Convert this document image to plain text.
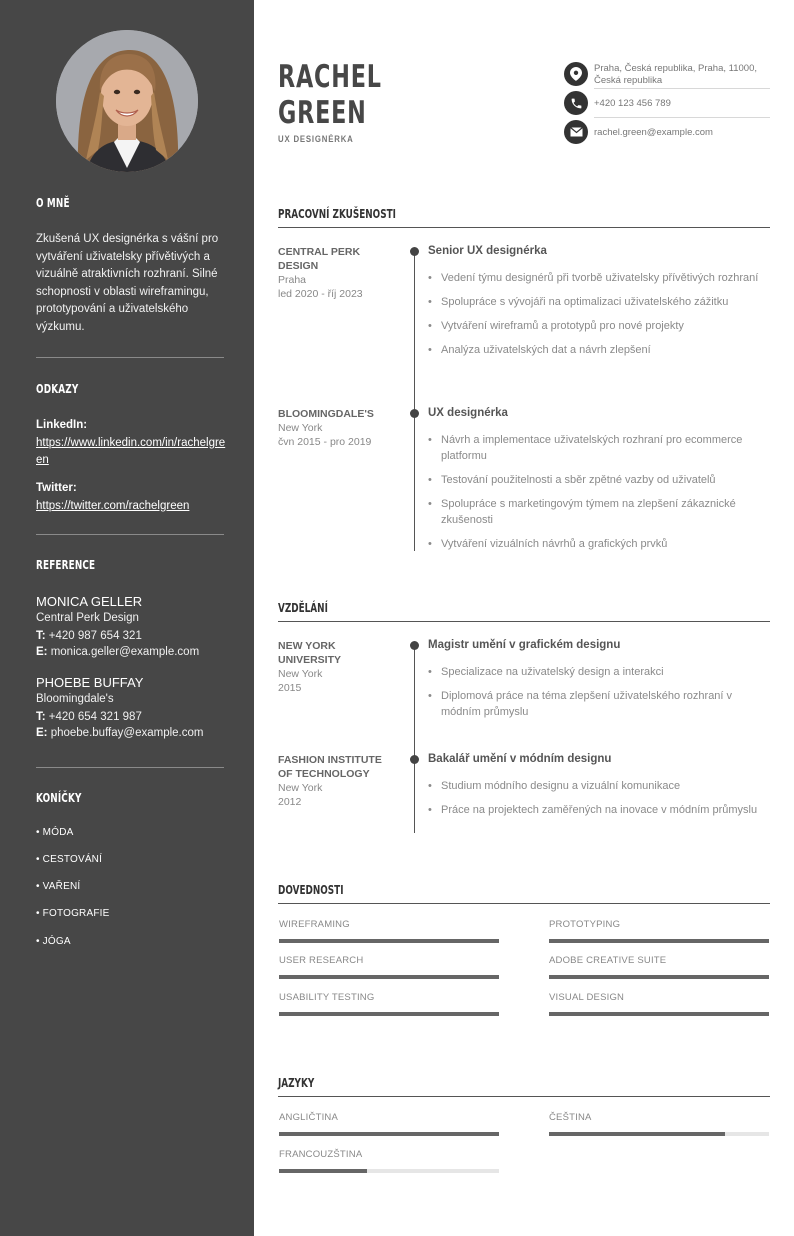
O MNĚ
Zkušená UX designérka s vášní pro vytváření uživatelsky přívětivých a vizuálně atraktivních rozhraní. Silné schopnosti v oblasti wireframingu, prototypování a uživatelského výzkumu.
ODKAZY
LinkedIn:
https://www.linkedin.com/in/rachelgreen
Twitter:
https://twitter.com/rachelgreen
REFERENCE
MONICA GELLER
Central Perk Design
T: +420 987 654 321
E: monica.geller@example.com
PHOEBE BUFFAY
Bloomingdale's
T: +420 654 321 987
E: phoebe.buffay@example.com
KONÍČKY
• MÓDA
• CESTOVÁNÍ
• VAŘENÍ
• FOTOGRAFIE
• JÓGA
RACHEL
GREEN
UX DESIGNÉRKA
Praha, Česká republika, Praha, 11000, Česká republika
+420 123 456 789
rachel.green@example.com
PRACOVNÍ ZKUŠENOSTI
CENTRAL PERK DESIGN
Praha
led 2020 - říj 2023
Senior UX designérka
• Vedení týmu designérů při tvorbě uživatelsky přívětivých rozhraní
• Spolupráce s vývojáři na optimalizaci uživatelského zážitku
• Vytváření wireframů a prototypů pro nové projekty
• Analýza uživatelských dat a návrh zlepšení
BLOOMINGDALE'S
New York
čvn 2015 - pro 2019
UX designérka
• Návrh a implementace uživatelských rozhraní pro ecommerce platformu
• Testování použitelnosti a sběr zpětné vazby od uživatelů
• Spolupráce s marketingovým týmem na zlepšení zákaznické zkušenosti
• Vytváření vizuálních návrhů a grafických prvků
VZDĚLÁNÍ
NEW YORK UNIVERSITY
New York
2015
Magistr umění v grafickém designu
• Specializace na uživatelský design a interakci
• Diplomová práce na téma zlepšení uživatelského rozhraní v módním průmyslu
FASHION INSTITUTE OF TECHNOLOGY
New York
2012
Bakalář umění v módním designu
• Studium módního designu a vizuální komunikace
• Práce na projektech zaměřených na inovace v módním průmyslu
DOVEDNOSTI
WIREFRAMING	PROTOTYPING
USER RESEARCH	ADOBE CREATIVE SUITE
USABILITY TESTING	VISUAL DESIGN
JAZYKY
ANGLIČTINA	ČEŠTINA
FRANCOUZŠTINA
